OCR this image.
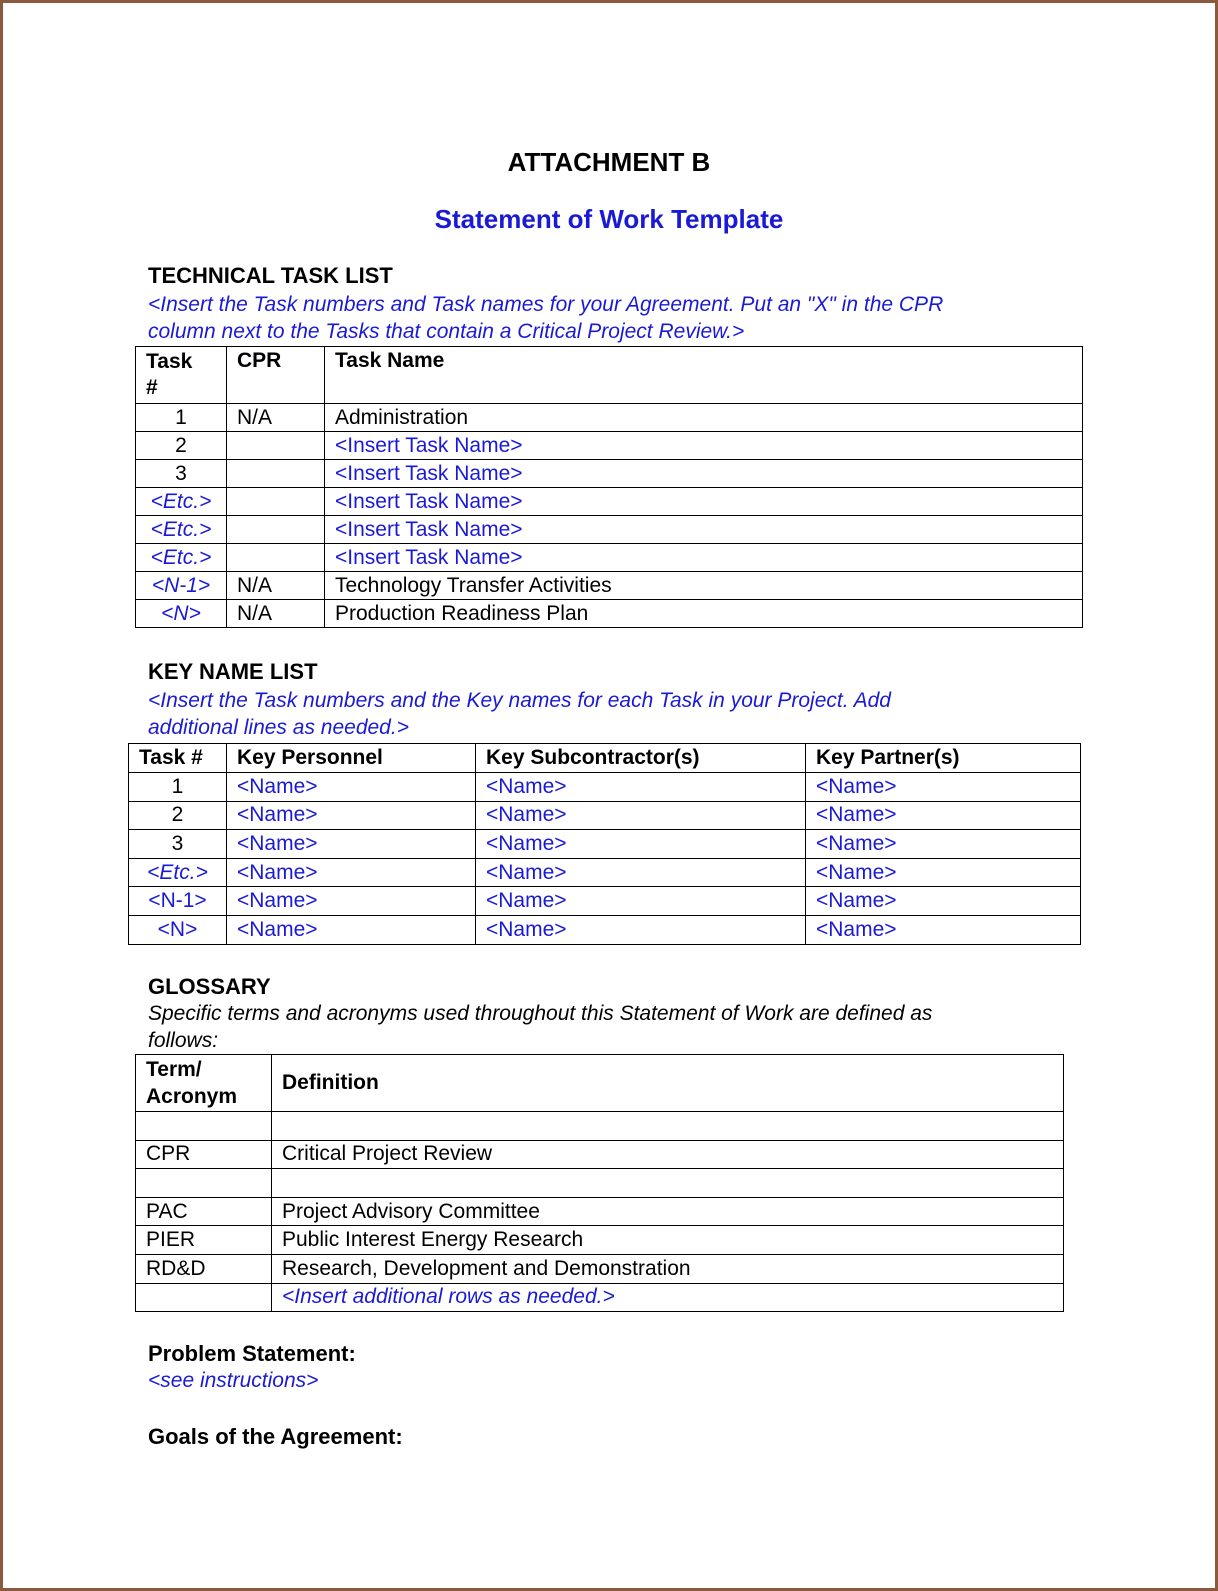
ATTACHMENT B
Statement of Work Template
TECHNICAL TASK LIST
<Insert the Task numbers and Task names for your Agreement. Put an "X" in the CPR
column next to the Tasks that contain a Critical Project Review.>
Task
#	CPR	Task Name
1	N/A	Administration
2		<Insert Task Name>
3		<Insert Task Name>
<Etc.>		<Insert Task Name>
<Etc.>		<Insert Task Name>
<Etc.>		<Insert Task Name>
<N-1>	N/A	Technology Transfer Activities
<N>	N/A	Production Readiness Plan
KEY NAME LIST
<Insert the Task numbers and the Key names for each Task in your Project. Add
additional lines as needed.>
Task #	Key Personnel	Key Subcontractor(s)	Key Partner(s)
1	<Name>	<Name>	<Name>
2	<Name>	<Name>	<Name>
3	<Name>	<Name>	<Name>
<Etc.>	<Name>	<Name>	<Name>
<N-1>	<Name>	<Name>	<Name>
<N>	<Name>	<Name>	<Name>
GLOSSARY
Specific terms and acronyms used throughout this Statement of Work are defined as
follows:
Term/
Acronym	Definition

CPR	Critical Project Review

PAC	Project Advisory Committee
PIER	Public Interest Energy Research
RD&D	Research, Development and Demonstration
	<Insert additional rows as needed.>
Problem Statement:
<see instructions>
Goals of the Agreement:
